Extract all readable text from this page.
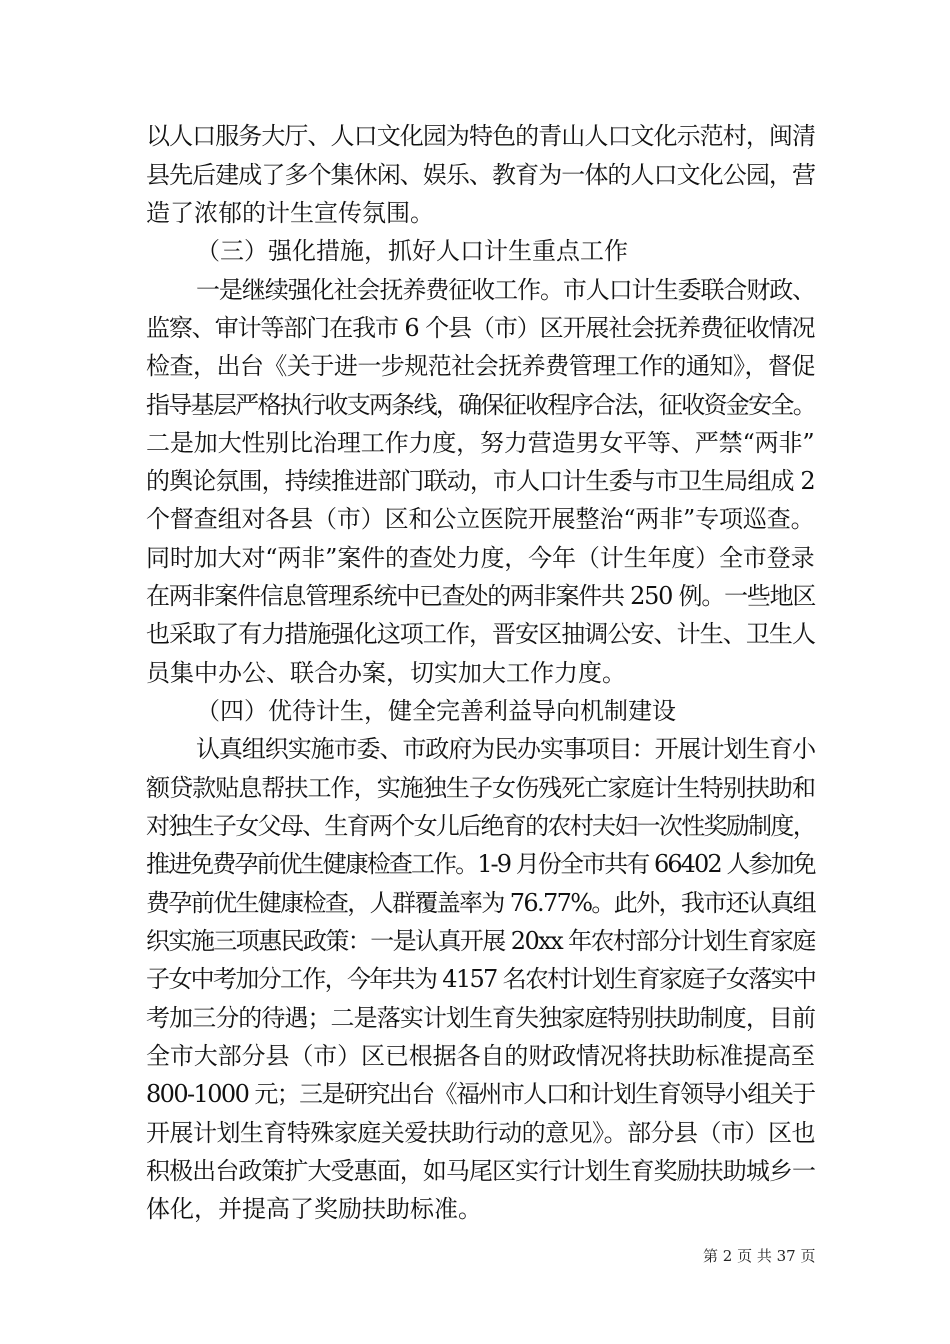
以人口服务大厅、人口文化园为特色的青山人口文化示范村，闽清
县先后建成了多个集休闲、娱乐、教育为一体的人口文化公园，营
造了浓郁的计生宣传氛围。
（三）强化措施，抓好人口计生重点工作
一是继续强化社会抚养费征收工作。市人口计生委联合财政、
监察、审计等部门在我市 6 个县（市）区开展社会抚养费征收情况
检查，出台《关于进一步规范社会抚养费管理工作的通知》，督促
指导基层严格执行收支两条线，确保征收程序合法，征收资金安全。
二是加大性别比治理工作力度，努力营造男女平等、严禁“两非”
的舆论氛围，持续推进部门联动，市人口计生委与市卫生局组成 2
个督查组对各县（市）区和公立医院开展整治“两非”专项巡查。
同时加大对“两非”案件的查处力度，今年（计生年度）全市登录
在两非案件信息管理系统中已查处的两非案件共 250 例。一些地区
也采取了有力措施强化这项工作，晋安区抽调公安、计生、卫生人
员集中办公、联合办案，切实加大工作力度。
（四）优待计生，健全完善利益导向机制建设
认真组织实施市委、市政府为民办实事项目：开展计划生育小
额贷款贴息帮扶工作，实施独生子女伤残死亡家庭计生特别扶助和
对独生子女父母、生育两个女儿后绝育的农村夫妇一次性奖励制度，
推进免费孕前优生健康检查工作。1-9 月份全市共有 66402 人参加免
费孕前优生健康检查，人群覆盖率为 76.77%。此外，我市还认真组
织实施三项惠民政策：一是认真开展 20xx 年农村部分计划生育家庭
子女中考加分工作，今年共为 4157 名农村计划生育家庭子女落实中
考加三分的待遇；二是落实计划生育失独家庭特别扶助制度，目前
全市大部分县（市）区已根据各自的财政情况将扶助标准提高至
800-1000 元；三是研究出台《福州市人口和计划生育领导小组关于
开展计划生育特殊家庭关爱扶助行动的意见》。部分县（市）区也
积极出台政策扩大受惠面，如马尾区实行计划生育奖励扶助城乡一
体化，并提高了奖励扶助标准。
第 2 页 共 37 页
